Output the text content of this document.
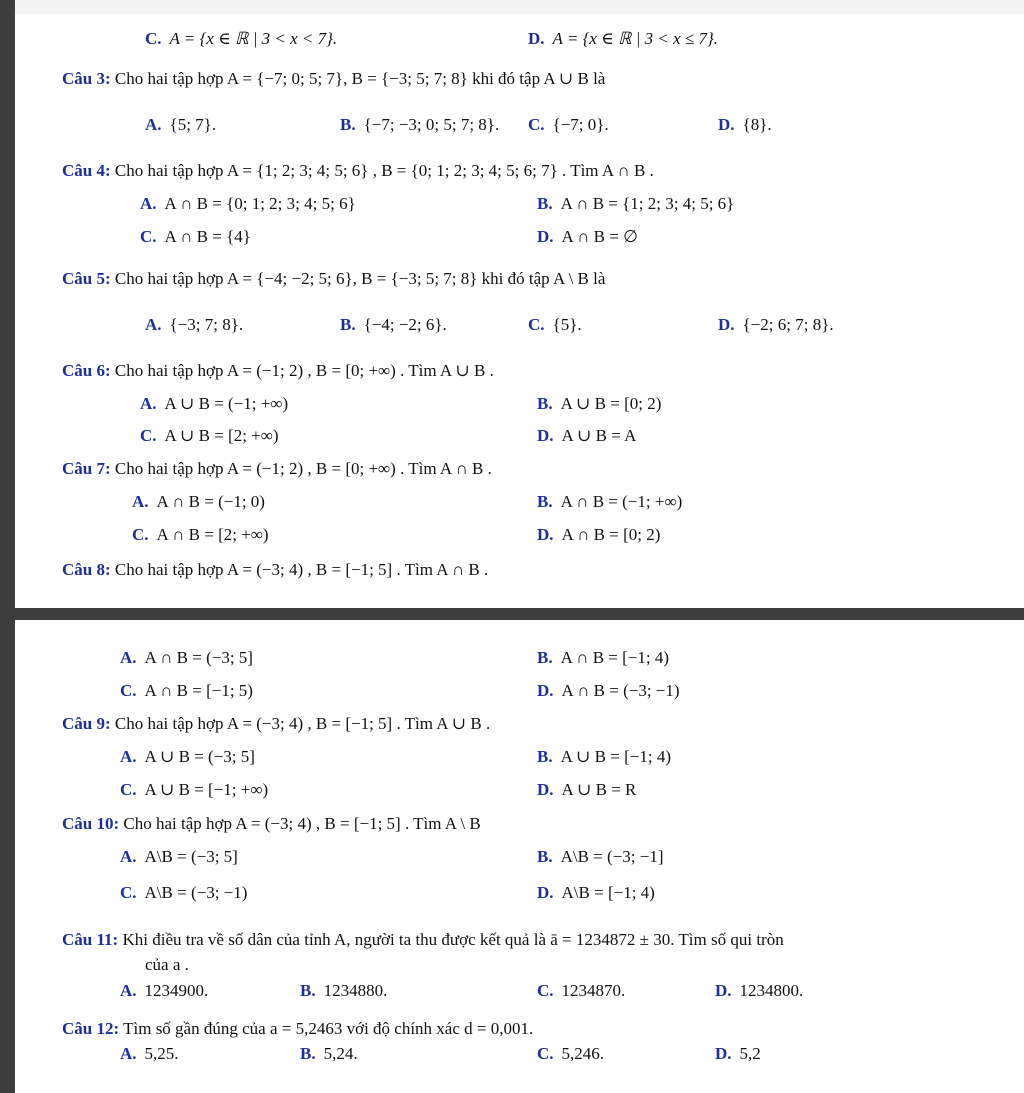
C. A = {x ∈ ℝ | 3 < x < 7}.	D. A = {x ∈ ℝ | 3 < x ≤ 7}.
Câu 3: Cho hai tập hợp A = {−7; 0; 5; 7}, B = {−3; 5; 7; 8} khi đó tập A ∪ B là
A. {5; 7}.	B. {−7; −3; 0; 5; 7; 8}. C. {−7; 0}.	D. {8}.
Câu 4: Cho hai tập hợp A = {1; 2; 3; 4; 5; 6} , B = {0; 1; 2; 3; 4; 5; 6; 7} . Tìm A ∩ B .
A. A ∩ B = {0; 1; 2; 3; 4; 5; 6}	B. A ∩ B = {1; 2; 3; 4; 5; 6}
C. A ∩ B = {4}	D. A ∩ B = ∅
Câu 5: Cho hai tập hợp A = {−4; −2; 5; 6}, B = {−3; 5; 7; 8} khi đó tập A \ B là
A. {−3; 7; 8}.	B. {−4; −2; 6}.	C. {5}.	D. {−2; 6; 7; 8}.
Câu 6: Cho hai tập hợp A = (−1; 2) , B = [0; +∞) . Tìm A ∪ B .
A. A ∪ B = (−1; +∞)	B. A ∪ B = [0; 2)
C. A ∪ B = [2; +∞)	D. A ∪ B = A
Câu 7: Cho hai tập hợp A = (−1; 2) , B = [0; +∞) . Tìm A ∩ B .
A. A ∩ B = (−1; 0)	B. A ∩ B = (−1; +∞)
C. A ∩ B = [2; +∞)	D. A ∩ B = [0; 2)
Câu 8: Cho hai tập hợp A = (−3; 4) , B = [−1; 5] . Tìm A ∩ B .
A. A ∩ B = (−3; 5]	B. A ∩ B = [−1; 4)
C. A ∩ B = [−1; 5)	D. A ∩ B = (−3; −1)
Câu 9: Cho hai tập hợp A = (−3; 4) , B = [−1; 5] . Tìm A ∪ B .
A. A ∪ B = (−3; 5]	B. A ∪ B = [−1; 4)
C. A ∪ B = [−1; +∞)	D. A ∪ B = R
Câu 10: Cho hai tập hợp A = (−3; 4) , B = [−1; 5] . Tìm A \ B
A. A\B = (−3; 5]	B. A\B = (−3; −1]
C. A\B = (−3; −1)	D. A\B = [−1; 4)
Câu 11: Khi điều tra về số dân của tỉnh A, người ta thu được kết quả là ā = 1234872 ± 30. Tìm số qui tròn
của a .
A. 1234900.	B. 1234880.	C. 1234870.	D. 1234800.
Câu 12: Tìm số gần đúng của a = 5,2463 với độ chính xác d = 0,001.
A. 5,25.	B. 5,24.	C. 5,246.	D. 5,2
